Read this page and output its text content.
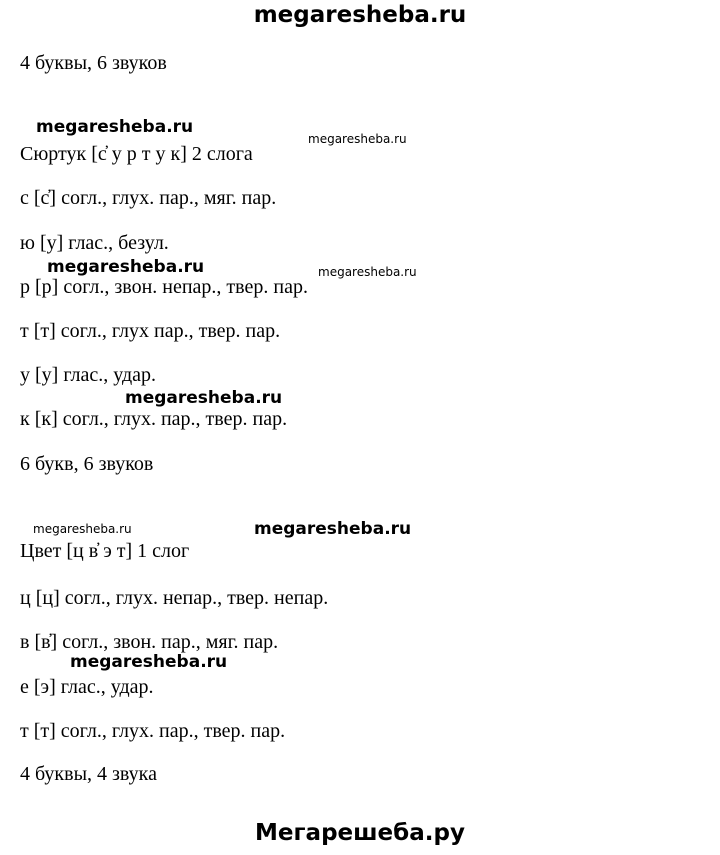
megaresheba.ru

4 буквы, 6 звуков

megaresheba.ru
megaresheba.ru

Сюртук [с̓ у р т у к] 2 слога

с [с̓] согл., глух. пар., мяг. пар.

ю [у] глас., безул.

megaresheba.ru	megaresheba.ru

р [р] согл., звон. непар., твер. пар.

т [т] согл., глух пар., твер. пар.

у [у] глас., удар.

megaresheba.ru

к [к] согл., глух. пар., твер. пар.

6 букв, 6 звуков

megaresheba.ru	megaresheba.ru

Цвет [ц в̓ э т] 1 слог

ц [ц] согл., глух. непар., твер. непар.

в [в̓] согл., звон. пар., мяг. пар.

megaresheba.ru

е [э] глас., удар.

т [т] согл., глух. пар., твер. пар.

4 буквы, 4 звука

Мегарешеба.ру
